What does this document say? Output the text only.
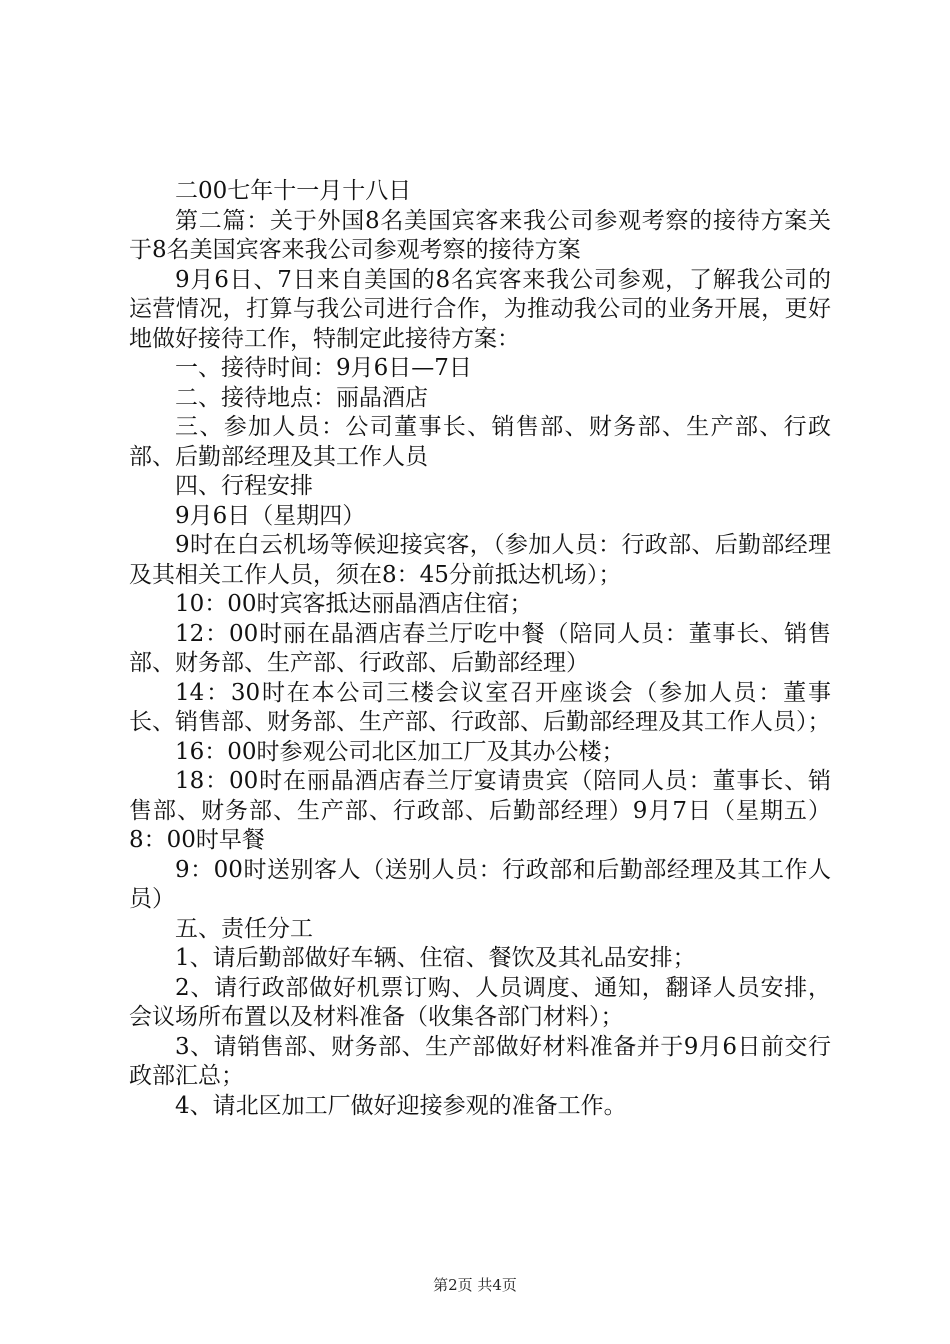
二00七年十一月十八日

第二篇：关于外国8名美国宾客来我公司参观考察的接待方案关于8名美国宾客来我公司参观考察的接待方案

9月6日、7日来自美国的8名宾客来我公司参观，了解我公司的运营情况，打算与我公司进行合作，为推动我公司的业务开展，更好地做好接待工作，特制定此接待方案：

一、接待时间：9月6日—7日

二、接待地点：丽晶酒店

三、参加人员：公司董事长、销售部、财务部、生产部、行政部、后勤部经理及其工作人员

四、行程安排

9月6日（星期四）

9时在白云机场等候迎接宾客，（参加人员：行政部、后勤部经理及其相关工作人员，须在8：45分前抵达机场）；

10：00时宾客抵达丽晶酒店住宿；

12：00时丽在晶酒店春兰厅吃中餐（陪同人员：董事长、销售部、财务部、生产部、行政部、后勤部经理）

14：30时在本公司三楼会议室召开座谈会（参加人员：董事长、销售部、财务部、生产部、行政部、后勤部经理及其工作人员）；

16：00时参观公司北区加工厂及其办公楼；

18：00时在丽晶酒店春兰厅宴请贵宾（陪同人员：董事长、销售部、财务部、生产部、行政部、后勤部经理）9月7日（星期五）8：00时早餐

9：00时送别客人（送别人员：行政部和后勤部经理及其工作人员）

五、责任分工

1、请后勤部做好车辆、住宿、餐饮及其礼品安排；

2、请行政部做好机票订购、人员调度、通知，翻译人员安排，会议场所布置以及材料准备（收集各部门材料）；

3、请销售部、财务部、生产部做好材料准备并于9月6日前交行政部汇总；

4、请北区加工厂做好迎接参观的准备工作。

第2页 共4页
